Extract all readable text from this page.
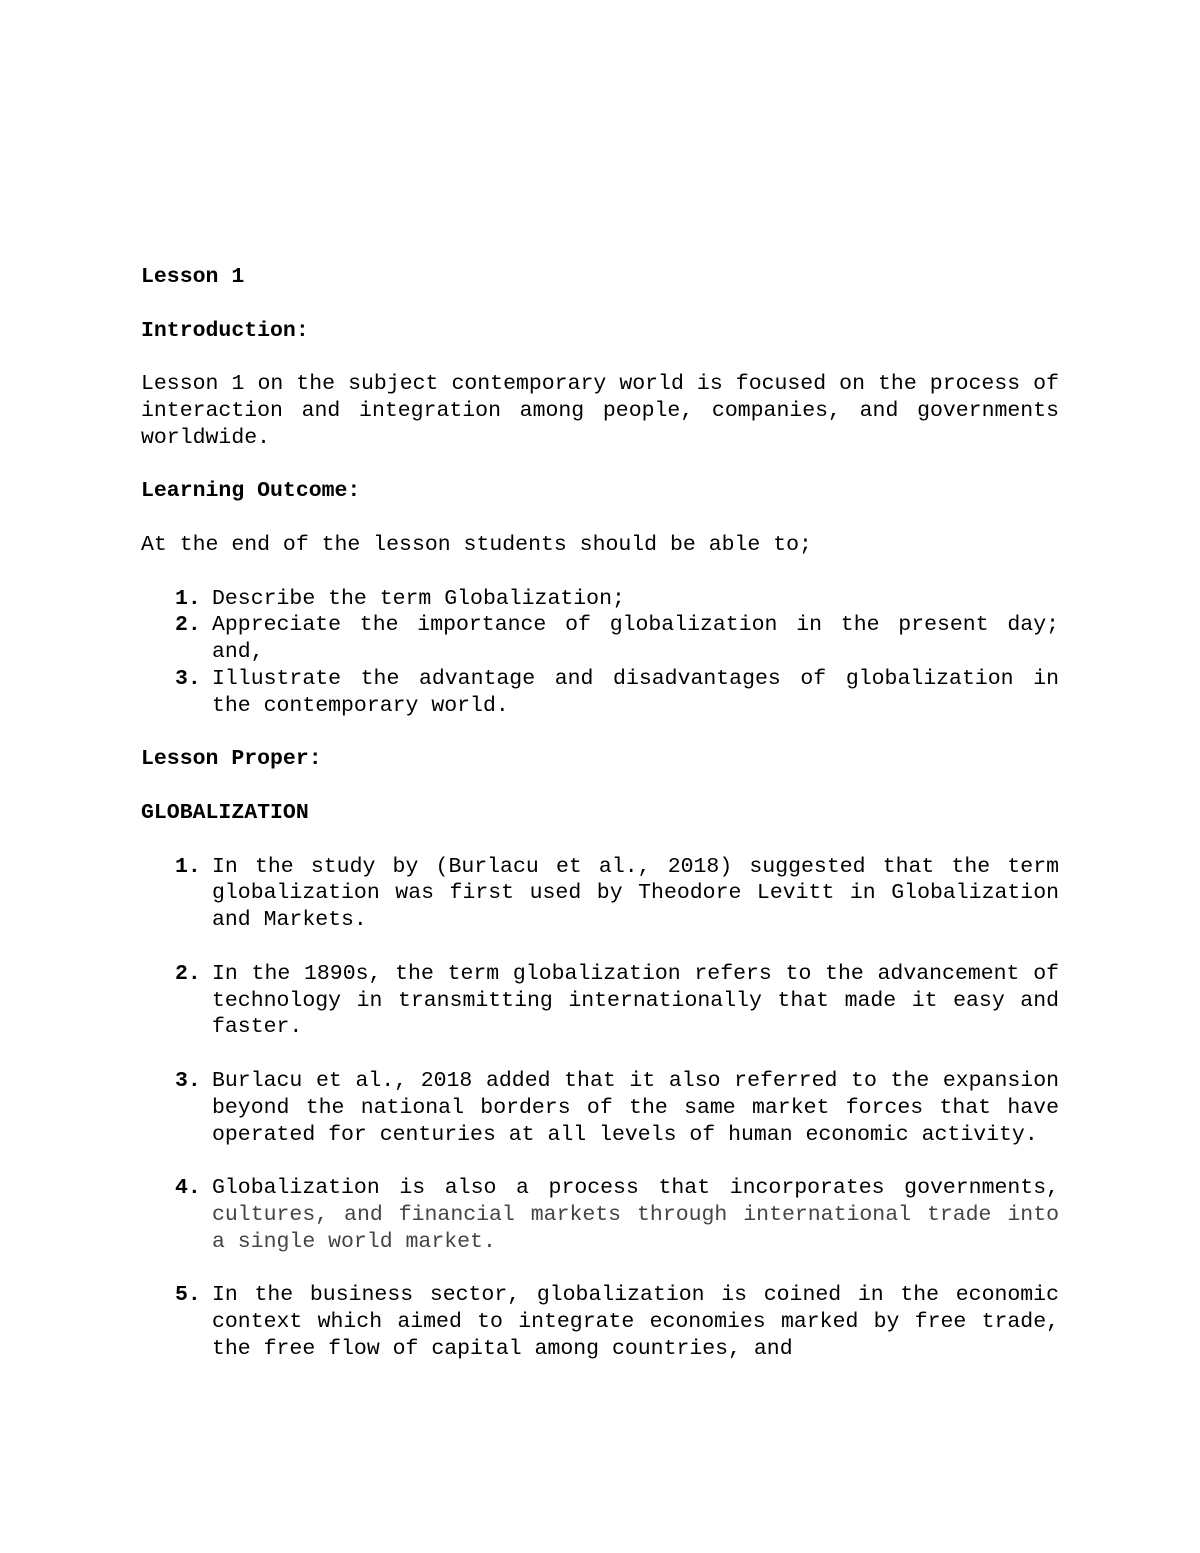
Lesson 1
Introduction:
Lesson 1 on the subject contemporary world is focused on the process of interaction and integration among people, companies, and governments worldwide.
Learning Outcome:
At the end of the lesson students should be able to;
1. Describe the term Globalization;
2. Appreciate the importance of globalization in the present day; and,
3. Illustrate the advantage and disadvantages of globalization in the contemporary world.
Lesson Proper:
GLOBALIZATION
1. In the study by (Burlacu et al., 2018) suggested that the term globalization was first used by Theodore Levitt in Globalization and Markets.
2. In the 1890s, the term globalization refers to the advancement of technology in transmitting internationally that made it easy and faster.
3. Burlacu et al., 2018 added that it also referred to the expansion beyond the national borders of the same market forces that have operated for centuries at all levels of human economic activity.
4. Globalization is also a process that incorporates governments, cultures, and financial markets through international trade into a single world market.
5. In the business sector, globalization is coined in the economic context which aimed to integrate economies marked by free trade, the free flow of capital among countries, and
